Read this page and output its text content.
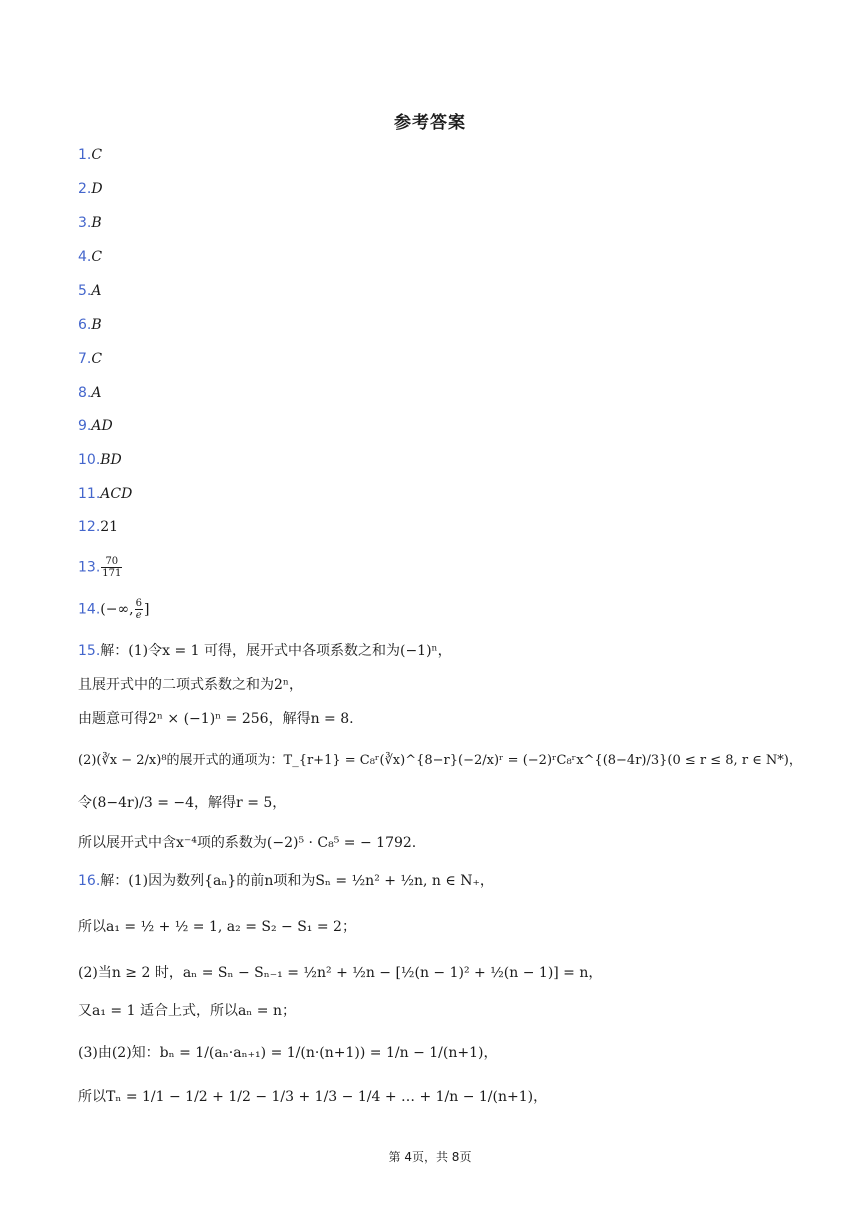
参考答案
1.C
2.D
3.B
4.C
5.A
6.B
7.C
8.A
9.AD
10.BD
11.ACD
12.21
13. $\frac{70}{171}$
14.(−∞, $\frac{6}{e}$ ]
15.解：(1)令x = 1 可得，展开式中各项系数之和为(−1)ⁿ，
且展开式中的二项式系数之和为2ⁿ，
由题意可得2ⁿ × (−1)ⁿ = 256，解得n = 8.
(2)(∛x − 2/x)⁸的展开式的通项为：T_{r+1} = C₈ʳ(∛x)^{8−r}(−2/x)ʳ = (−2)ʳC₈ʳx^{(8−4r)/3}(0 ≤ r ≤ 8, r ∈ N*)，
令(8−4r)/3 = −4，解得r = 5，
所以展开式中含x⁻⁴项的系数为(−2)⁵ · C₈⁵ = − 1792.
16.解：(1)因为数列{aₙ}的前n项和为Sₙ = ½n² + ½n, n ∈ N₊，
所以a₁ = ½ + ½ = 1, a₂ = S₂ − S₁ = 2；
(2)当n ≥ 2 时，aₙ = Sₙ − Sₙ₋₁ = ½n² + ½n − [½(n − 1)² + ½(n − 1)] = n，
又a₁ = 1 适合上式，所以aₙ = n；
(3)由(2)知：bₙ = 1/(aₙ·aₙ₊₁) = 1/(n·(n+1)) = 1/n − 1/(n+1)，
所以Tₙ = 1/1 − 1/2 + 1/2 − 1/3 + 1/3 − 1/4 + … + 1/n − 1/(n+1)，
第 4页，共 8页
